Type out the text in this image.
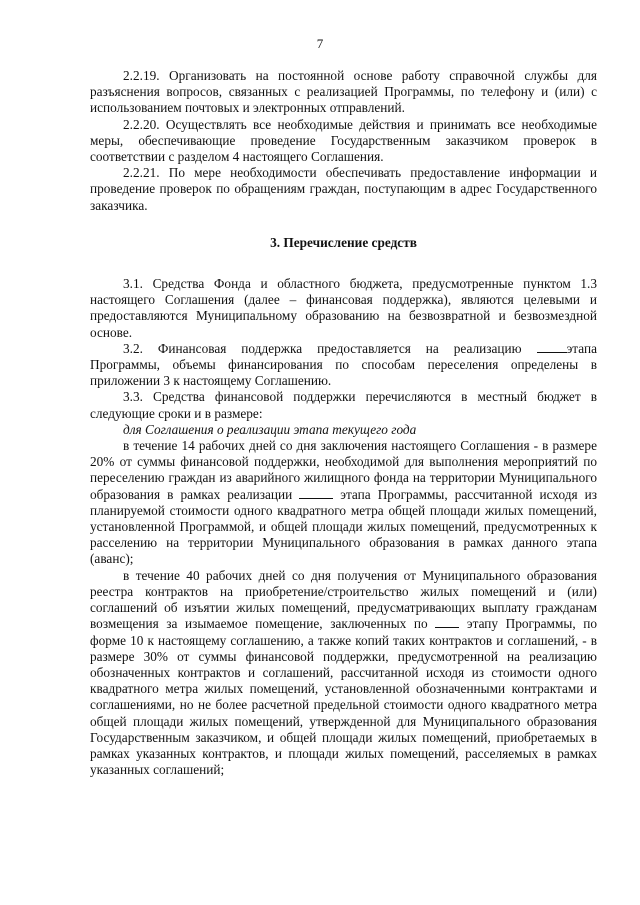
7

2.2.19. Организовать на постоянной основе работу справочной службы для разъяснения вопросов, связанных с реализацией Программы, по телефону и (или) с использованием почтовых и электронных отправлений.

2.2.20. Осуществлять все необходимые действия и принимать все необходимые меры, обеспечивающие проведение Государственным заказчиком проверок в соответствии с разделом 4 настоящего Соглашения.

2.2.21. По мере необходимости обеспечивать предоставление информации и проведение проверок по обращениям граждан, поступающим в адрес Государственного заказчика.

3. Перечисление средств

3.1. Средства Фонда и областного бюджета, предусмотренные пунктом 1.3 настоящего Соглашения (далее – финансовая поддержка), являются целевыми и предоставляются Муниципальному образованию на безвозвратной и безвозмездной основе.

3.2. Финансовая поддержка предоставляется на реализацию	этапа Программы, объемы финансирования по способам переселения определены в приложении 3 к настоящему Соглашению.

3.3. Средства финансовой поддержки перечисляются в местный бюджет в следующие сроки и в размере:

для Соглашения о реализации этапа текущего года

в течение 14 рабочих дней со дня заключения настоящего Соглашения - в размере 20% от суммы финансовой поддержки, необходимой для выполнения мероприятий по переселению граждан из аварийного жилищного фонда на территории Муниципального образования в рамках реализации	этапа Программы, рассчитанной исходя из планируемой стоимости одного квадратного метра общей площади жилых помещений, установленной Программой, и общей площади жилых помещений, предусмотренных к расселению на территории Муниципального образования в рамках данного этапа (аванс);

в течение 40 рабочих дней со дня получения от Муниципального образования реестра контрактов на приобретение/строительство жилых помещений и (или) соглашений об изъятии жилых помещений, предусматривающих выплату гражданам возмещения за изымаемое помещение, заключенных по	этапу Программы, по форме 10 к настоящему соглашению, а также копий таких контрактов и соглашений, - в размере 30% от суммы финансовой поддержки, предусмотренной на реализацию обозначенных контрактов и соглашений, рассчитанной исходя из стоимости одного квадратного метра жилых помещений, установленной обозначенными контрактами и соглашениями, но не более расчетной предельной стоимости одного квадратного метра общей площади жилых помещений, утвержденной для Муниципального образования Государственным заказчиком, и общей площади жилых помещений, приобретаемых в рамках указанных контрактов, и площади жилых помещений, расселяемых в рамках указанных соглашений;
